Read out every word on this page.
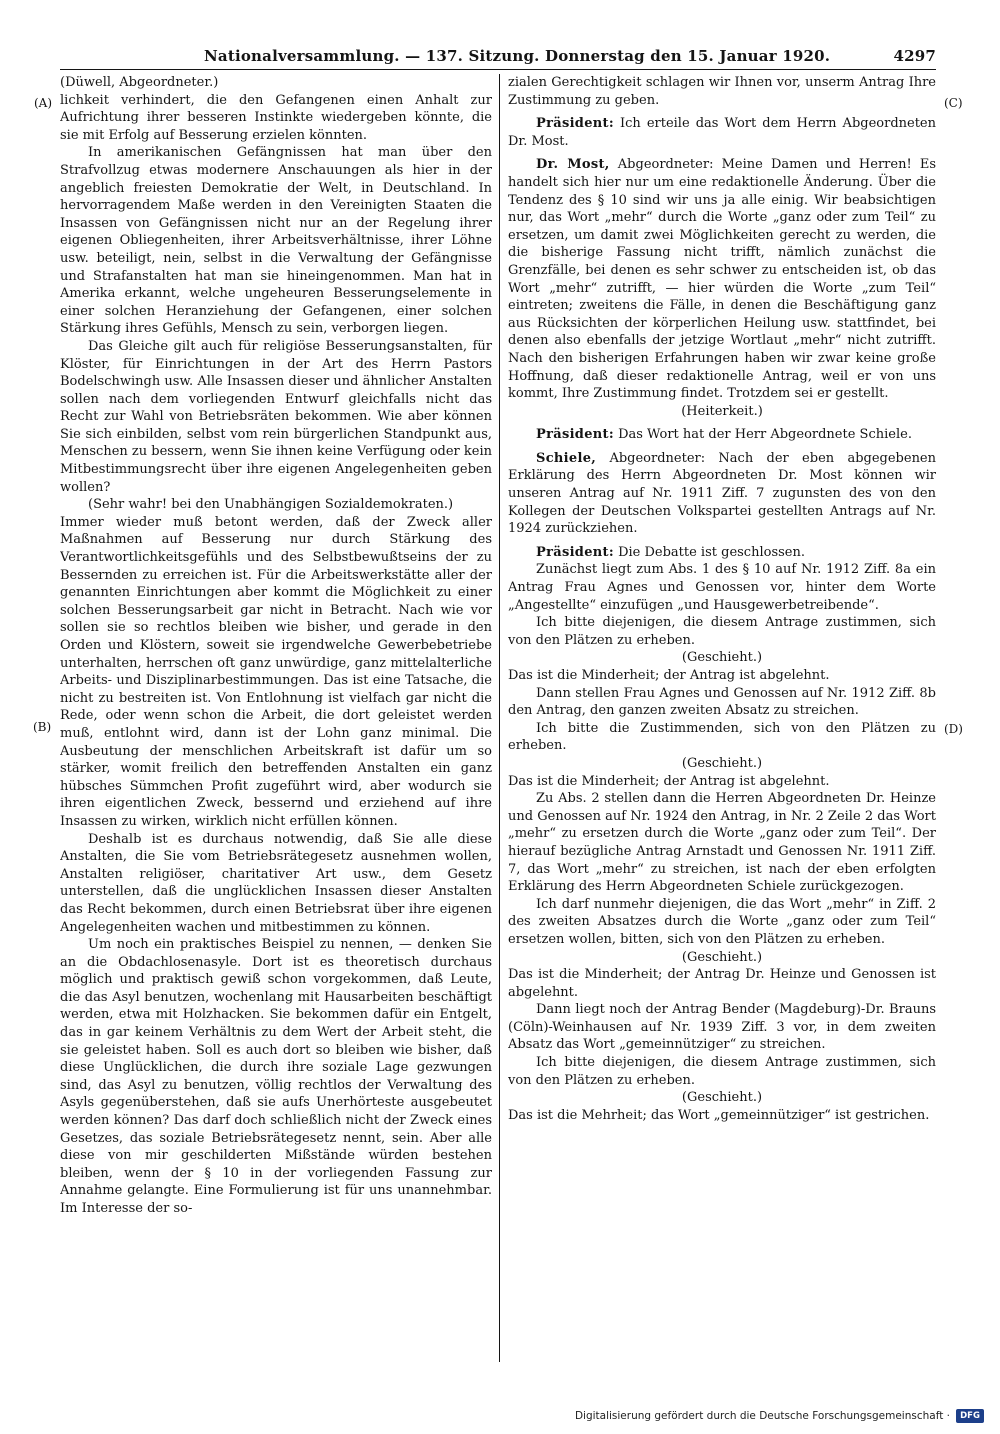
Nationalversammlung. — 137. Sitzung. Donnerstag den 15. Januar 1920.	4297
(A)
(B)
(C)
(D)

(Düwell, Abgeordneter.)

lichkeit verhindert, die den Gefangenen einen Anhalt zur Aufrichtung ihrer besseren Instinkte wiedergeben könnte, die sie mit Erfolg auf Besserung erzielen könnten.

In amerikanischen Gefängnissen hat man über den Strafvollzug etwas modernere Anschauungen als hier in der angeblich freiesten Demokratie der Welt, in Deutschland. In hervorragendem Maße werden in den Vereinigten Staaten die Insassen von Gefängnissen nicht nur an der Regelung ihrer eigenen Obliegenheiten, ihrer Arbeitsverhältnisse, ihrer Löhne usw. beteiligt, nein, selbst in die Verwaltung der Gefängnisse und Strafanstalten hat man sie hineingenommen. Man hat in Amerika erkannt, welche ungeheuren Besserungselemente in einer solchen Heranziehung der Gefangenen, einer solchen Stärkung ihres Gefühls, Mensch zu sein, verborgen liegen.

Das Gleiche gilt auch für religiöse Besserungsanstalten, für Klöster, für Einrichtungen in der Art des Herrn Pastors Bodelschwingh usw. Alle Insassen dieser und ähnlicher Anstalten sollen nach dem vorliegenden Entwurf gleichfalls nicht das Recht zur Wahl von Betriebsräten bekommen. Wie aber können Sie sich einbilden, selbst vom rein bürgerlichen Standpunkt aus, Menschen zu bessern, wenn Sie ihnen keine Verfügung oder kein Mitbestimmungsrecht über ihre eigenen Angelegenheiten geben wollen?

(Sehr wahr! bei den Unabhängigen Sozialdemokraten.)

Immer wieder muß betont werden, daß der Zweck aller Maßnahmen auf Besserung nur durch Stärkung des Verantwortlichkeitsgefühls und des Selbstbewußtseins der zu Bessernden zu erreichen ist. Für die Arbeitswerkstätte aller der genannten Einrichtungen aber kommt die Möglichkeit zu einer solchen Besserungsarbeit gar nicht in Betracht. Nach wie vor sollen sie so rechtlos bleiben wie bisher, und gerade in den Orden und Klöstern, soweit sie irgendwelche Gewerbebetriebe unterhalten, herrschen oft ganz unwürdige, ganz mittelalterliche Arbeits- und Disziplinarbestimmungen. Das ist eine Tatsache, die nicht zu bestreiten ist. Von Entlohnung ist vielfach gar nicht die Rede, oder wenn schon die Arbeit, die dort geleistet werden muß, entlohnt wird, dann ist der Lohn ganz minimal. Die Ausbeutung der menschlichen Arbeitskraft ist dafür um so stärker, womit freilich den betreffenden Anstalten ein ganz hübsches Sümmchen Profit zugeführt wird, aber wodurch sie ihren eigentlichen Zweck, bessernd und erziehend auf ihre Insassen zu wirken, wirklich nicht erfüllen können.

Deshalb ist es durchaus notwendig, daß Sie alle diese Anstalten, die Sie vom Betriebsrätegesetz ausnehmen wollen, Anstalten religiöser, charitativer Art usw., dem Gesetz unterstellen, daß die unglücklichen Insassen dieser Anstalten das Recht bekommen, durch einen Betriebsrat über ihre eigenen Angelegenheiten wachen und mitbestimmen zu können.

Um noch ein praktisches Beispiel zu nennen, — denken Sie an die Obdachlosenasyle. Dort ist es theoretisch durchaus möglich und praktisch gewiß schon vorgekommen, daß Leute, die das Asyl benutzen, wochenlang mit Hausarbeiten beschäftigt werden, etwa mit Holzhacken. Sie bekommen dafür ein Entgelt, das in gar keinem Verhältnis zu dem Wert der Arbeit steht, die sie geleistet haben. Soll es auch dort so bleiben wie bisher, daß diese Unglücklichen, die durch ihre soziale Lage gezwungen sind, das Asyl zu benutzen, völlig rechtlos der Verwaltung des Asyls gegenüberstehen, daß sie aufs Unerhörteste ausgebeutet werden können? Das darf doch schließlich nicht der Zweck eines Gesetzes, das soziale Betriebsrätegesetz nennt, sein. Aber alle diese von mir geschilderten Mißstände würden bestehen bleiben, wenn der § 10 in der vorliegenden Fassung zur Annahme gelangte. Eine Formulierung ist für uns unannehmbar. Im Interesse der so-

zialen Gerechtigkeit schlagen wir Ihnen vor, unserm Antrag Ihre Zustimmung zu geben.

Präsident: Ich erteile das Wort dem Herrn Abgeordneten Dr. Most.

Dr. Most, Abgeordneter: Meine Damen und Herren! Es handelt sich hier nur um eine redaktionelle Änderung. Über die Tendenz des § 10 sind wir uns ja alle einig. Wir beabsichtigen nur, das Wort „mehr“ durch die Worte „ganz oder zum Teil“ zu ersetzen, um damit zwei Möglichkeiten gerecht zu werden, die die bisherige Fassung nicht trifft, nämlich zunächst die Grenzfälle, bei denen es sehr schwer zu entscheiden ist, ob das Wort „mehr“ zutrifft, — hier würden die Worte „zum Teil“ eintreten; zweitens die Fälle, in denen die Beschäftigung ganz aus Rücksichten der körperlichen Heilung usw. stattfindet, bei denen also ebenfalls der jetzige Wortlaut „mehr“ nicht zutrifft. Nach den bisherigen Erfahrungen haben wir zwar keine große Hoffnung, daß dieser redaktionelle Antrag, weil er von uns kommt, Ihre Zustimmung findet. Trotzdem sei er gestellt.

(Heiterkeit.)

Präsident: Das Wort hat der Herr Abgeordnete Schiele.

Schiele, Abgeordneter: Nach der eben abgegebenen Erklärung des Herrn Abgeordneten Dr. Most können wir unseren Antrag auf Nr. 1911 Ziff. 7 zugunsten des von den Kollegen der Deutschen Volkspartei gestellten Antrags auf Nr. 1924 zurückziehen.

Präsident: Die Debatte ist geschlossen.

Zunächst liegt zum Abs. 1 des § 10 auf Nr. 1912 Ziff. 8a ein Antrag Frau Agnes und Genossen vor, hinter dem Worte „Angestellte“ einzufügen „und Hausgewerbetreibende“.

Ich bitte diejenigen, die diesem Antrage zustimmen, sich von den Plätzen zu erheben.

(Geschieht.)

Das ist die Minderheit; der Antrag ist abgelehnt.

Dann stellen Frau Agnes und Genossen auf Nr. 1912 Ziff. 8b den Antrag, den ganzen zweiten Absatz zu streichen.

Ich bitte die Zustimmenden, sich von den Plätzen zu erheben.

(Geschieht.)

Das ist die Minderheit; der Antrag ist abgelehnt.

Zu Abs. 2 stellen dann die Herren Abgeordneten Dr. Heinze und Genossen auf Nr. 1924 den Antrag, in Nr. 2 Zeile 2 das Wort „mehr“ zu ersetzen durch die Worte „ganz oder zum Teil“. Der hierauf bezügliche Antrag Arnstadt und Genossen Nr. 1911 Ziff. 7, das Wort „mehr“ zu streichen, ist nach der eben erfolgten Erklärung des Herrn Abgeordneten Schiele zurückgezogen.

Ich darf nunmehr diejenigen, die das Wort „mehr“ in Ziff. 2 des zweiten Absatzes durch die Worte „ganz oder zum Teil“ ersetzen wollen, bitten, sich von den Plätzen zu erheben.

(Geschieht.)

Das ist die Minderheit; der Antrag Dr. Heinze und Genossen ist abgelehnt.

Dann liegt noch der Antrag Bender (Magdeburg)-Dr. Brauns (Cöln)-Weinhausen auf Nr. 1939 Ziff. 3 vor, in dem zweiten Absatz das Wort „gemeinnütziger“ zu streichen.

Ich bitte diejenigen, die diesem Antrage zustimmen, sich von den Plätzen zu erheben.

(Geschieht.)

Das ist die Mehrheit; das Wort „gemeinnütziger“ ist gestrichen.

Digitalisierung gefördert durch die Deutsche Forschungsgemeinschaft ·	DFG
